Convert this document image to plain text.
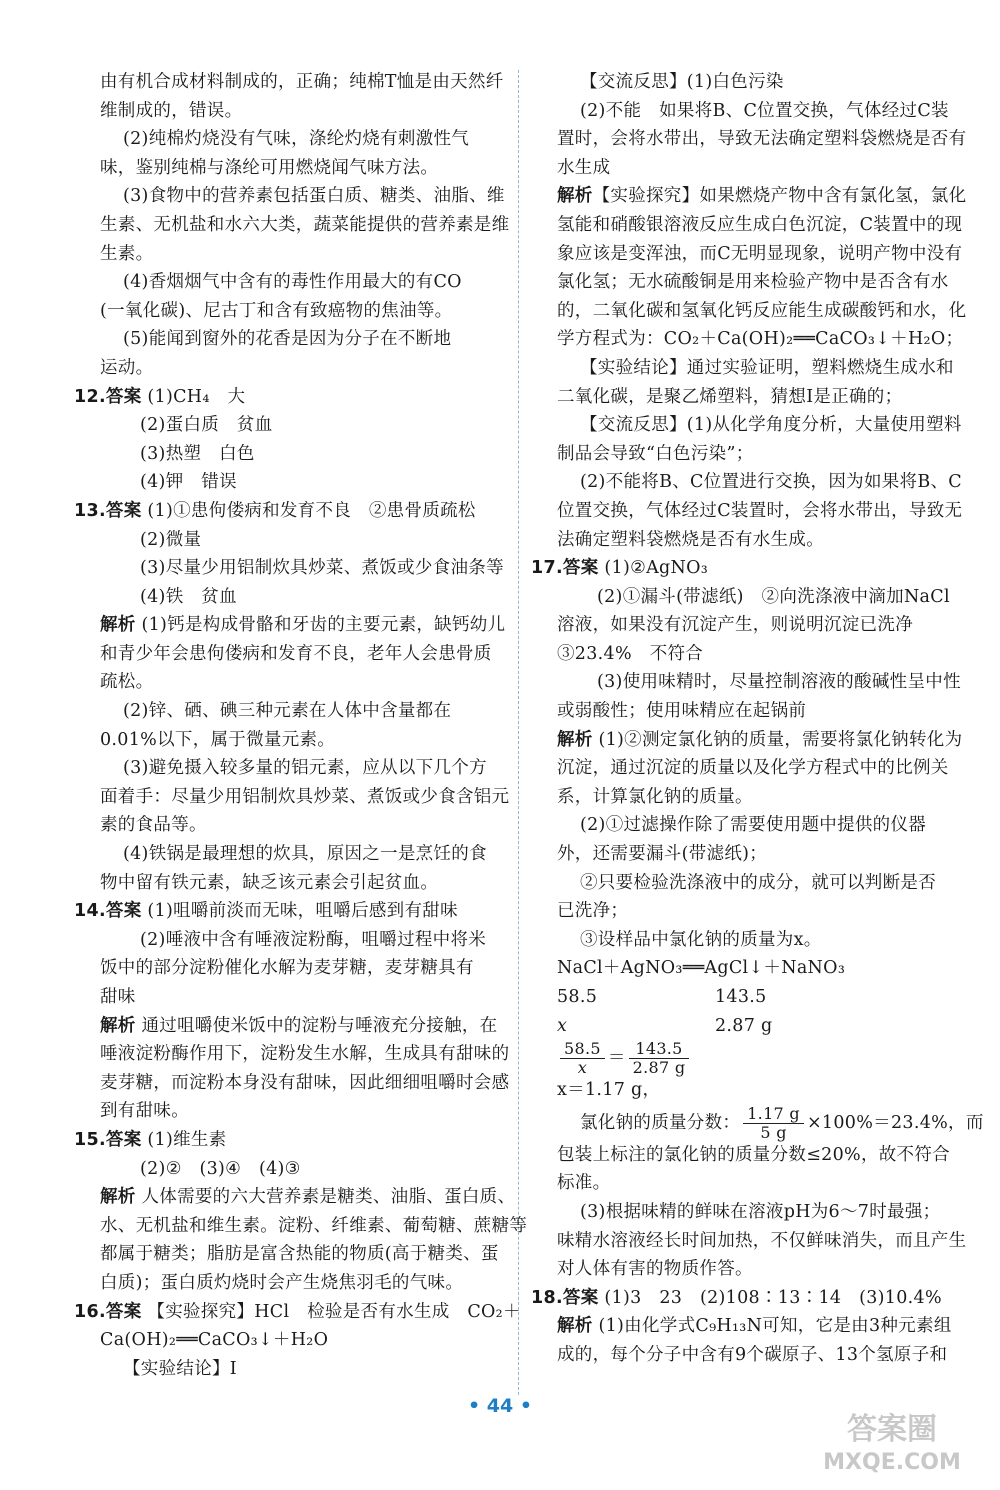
由有机合成材料制成的，正确；纯棉T恤是由天然纤
维制成的，错误。
(2)纯棉灼烧没有气味，涤纶灼烧有刺激性气
味，鉴别纯棉与涤纶可用燃烧闻气味方法。
(3)食物中的营养素包括蛋白质、糖类、油脂、维
生素、无机盐和水六大类，蔬菜能提供的营养素是维
生素。
(4)香烟烟气中含有的毒性作用最大的有CO
(一氧化碳)、尼古丁和含有致癌物的焦油等。
(5)能闻到窗外的花香是因为分子在不断地
运动。
12.答案 (1)CH₄　大
(2)蛋白质　贫血
(3)热塑　白色
(4)钾　错误
13.答案 (1)①患佝偻病和发育不良　②患骨质疏松
(2)微量
(3)尽量少用铝制炊具炒菜、煮饭或少食油条等
(4)铁　贫血
解析 (1)钙是构成骨骼和牙齿的主要元素，缺钙幼儿
和青少年会患佝偻病和发育不良，老年人会患骨质
疏松。
(2)锌、硒、碘三种元素在人体中含量都在
0.01%以下，属于微量元素。
(3)避免摄入较多量的铝元素，应从以下几个方
面着手：尽量少用铝制炊具炒菜、煮饭或少食含铝元
素的食品等。
(4)铁锅是最理想的炊具，原因之一是烹饪的食
物中留有铁元素，缺乏该元素会引起贫血。
14.答案 (1)咀嚼前淡而无味，咀嚼后感到有甜味
(2)唾液中含有唾液淀粉酶，咀嚼过程中将米
饭中的部分淀粉催化水解为麦芽糖，麦芽糖具有
甜味
解析 通过咀嚼使米饭中的淀粉与唾液充分接触，在
唾液淀粉酶作用下，淀粉发生水解，生成具有甜味的
麦芽糖，而淀粉本身没有甜味，因此细细咀嚼时会感
到有甜味。
15.答案 (1)维生素
(2)②　(3)④　(4)③
解析 人体需要的六大营养素是糖类、油脂、蛋白质、
水、无机盐和维生素。淀粉、纤维素、葡萄糖、蔗糖等
都属于糖类；脂肪是富含热能的物质(高于糖类、蛋
白质)；蛋白质灼烧时会产生烧焦羽毛的气味。
16.答案 【实验探究】HCl　检验是否有水生成　CO₂＋
Ca(OH)₂══CaCO₃↓＋H₂O
【实验结论】Ⅰ
【交流反思】(1)白色污染
(2)不能　如果将B、C位置交换，气体经过C装
置时，会将水带出，导致无法确定塑料袋燃烧是否有
水生成
解析【实验探究】如果燃烧产物中含有氯化氢，氯化
氢能和硝酸银溶液反应生成白色沉淀，C装置中的现
象应该是变浑浊，而C无明显现象，说明产物中没有
氯化氢；无水硫酸铜是用来检验产物中是否含有水
的，二氧化碳和氢氧化钙反应能生成碳酸钙和水，化
学方程式为：CO₂＋Ca(OH)₂══CaCO₃↓＋H₂O；
【实验结论】通过实验证明，塑料燃烧生成水和
二氧化碳，是聚乙烯塑料，猜想Ⅰ是正确的；
【交流反思】(1)从化学角度分析，大量使用塑料
制品会导致“白色污染”；
(2)不能将B、C位置进行交换，因为如果将B、C
位置交换，气体经过C装置时，会将水带出，导致无
法确定塑料袋燃烧是否有水生成。
17.答案 (1)②AgNO₃
(2)①漏斗(带滤纸)　②向洗涤液中滴加NaCl
溶液，如果没有沉淀产生，则说明沉淀已洗净
③23.4%　不符合
(3)使用味精时，尽量控制溶液的酸碱性呈中性
或弱酸性；使用味精应在起锅前
解析 (1)②测定氯化钠的质量，需要将氯化钠转化为
沉淀，通过沉淀的质量以及化学方程式中的比例关
系，计算氯化钠的质量。
(2)①过滤操作除了需要使用题中提供的仪器
外，还需要漏斗(带滤纸)；
②只要检验洗涤液中的成分，就可以判断是否
已洗净；
③设样品中氯化钠的质量为x。
NaCl＋AgNO₃══AgCl↓＋NaNO₃
58.5	143.5
x	2.87 g
$\frac{58.5}{x} = \frac{143.5}{2.87 g}$
x＝1.17 g，
氯化钠的质量分数： $\frac{1.17 g}{5 g} \times 100\%=23.4\%$，而
包装上标注的氯化钠的质量分数≤20%，故不符合
标准。
(3)根据味精的鲜味在溶液pH为6～7时最强；
味精水溶液经长时间加热，不仅鲜味消失，而且产生
对人体有害的物质作答。
18.答案 (1)3　23　(2)108∶13∶14　(3)10.4%
解析 (1)由化学式C₉H₁₃N可知，它是由3种元素组
成的，每个分子中含有9个碳原子、13个氢原子和
• 44 •
答案圈
MXQE.COM
